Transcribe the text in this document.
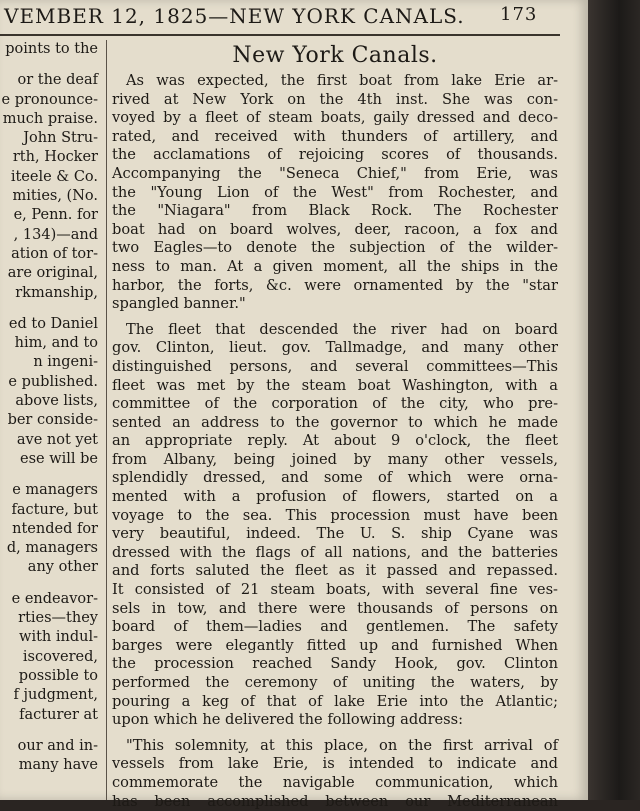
VEMBER 12, 1825—NEW YORK CANALS. 173
points to the
or the deaf
e pronounce-
much praise.
John Stru-
rth, Hocker
iteele & Co.
mities, (No.
e, Penn. for
, 134)—and
ation of tor-
are original,
rkmanship,
ed to Daniel
him, and to
n ingeni-
e published.
above lists,
ber conside-
ave not yet
ese will be
e managers
facture, but
ntended for
d, managers
any other
e endeavor-
rties—they
with indul-
iscovered,
possible to
f judgment,
facturer at
our and in-
many have
New York Canals.
As was expected, the first boat from lake Erie ar-
rived at New York on the 4th inst. She was con-
voyed by a fleet of steam boats, gaily dressed and deco-
rated, and received with thunders of artillery, and
the acclamations of rejoicing scores of thousands.
Accompanying the "Seneca Chief," from Erie, was
the "Young Lion of the West" from Rochester, and
the "Niagara" from Black Rock. The Rochester
boat had on board wolves, deer, racoon, a fox and
two Eagles—to denote the subjection of the wilder-
ness to man. At a given moment, all the ships in the
harbor, the forts, &c. were ornamented by the "star
spangled banner."
The fleet that descended the river had on board
gov. Clinton, lieut. gov. Tallmadge, and many other
distinguished persons, and several committees—This
fleet was met by the steam boat Washington, with a
committee of the corporation of the city, who pre-
sented an address to the governor to which he made
an appropriate reply. At about 9 o'clock, the fleet
from Albany, being joined by many other vessels,
splendidly dressed, and some of which were orna-
mented with a profusion of flowers, started on a
voyage to the sea. This procession must have been
very beautiful, indeed. The U. S. ship Cyane was
dressed with the flags of all nations, and the batteries
and forts saluted the fleet as it passed and repassed.
It consisted of 21 steam boats, with several fine ves-
sels in tow, and there were thousands of persons on
board of them—ladies and gentlemen. The safety
barges were elegantly fitted up and furnished When
the procession reached Sandy Hook, gov. Clinton
performed the ceremony of uniting the waters, by
pouring a keg of that of lake Erie into the Atlantic;
upon which he delivered the following address:
"This solemnity, at this place, on the first arrival of
vessels from lake Erie, is intended to indicate and
commemorate the navigable communication, which
has been accomplished between our Mediterranean
